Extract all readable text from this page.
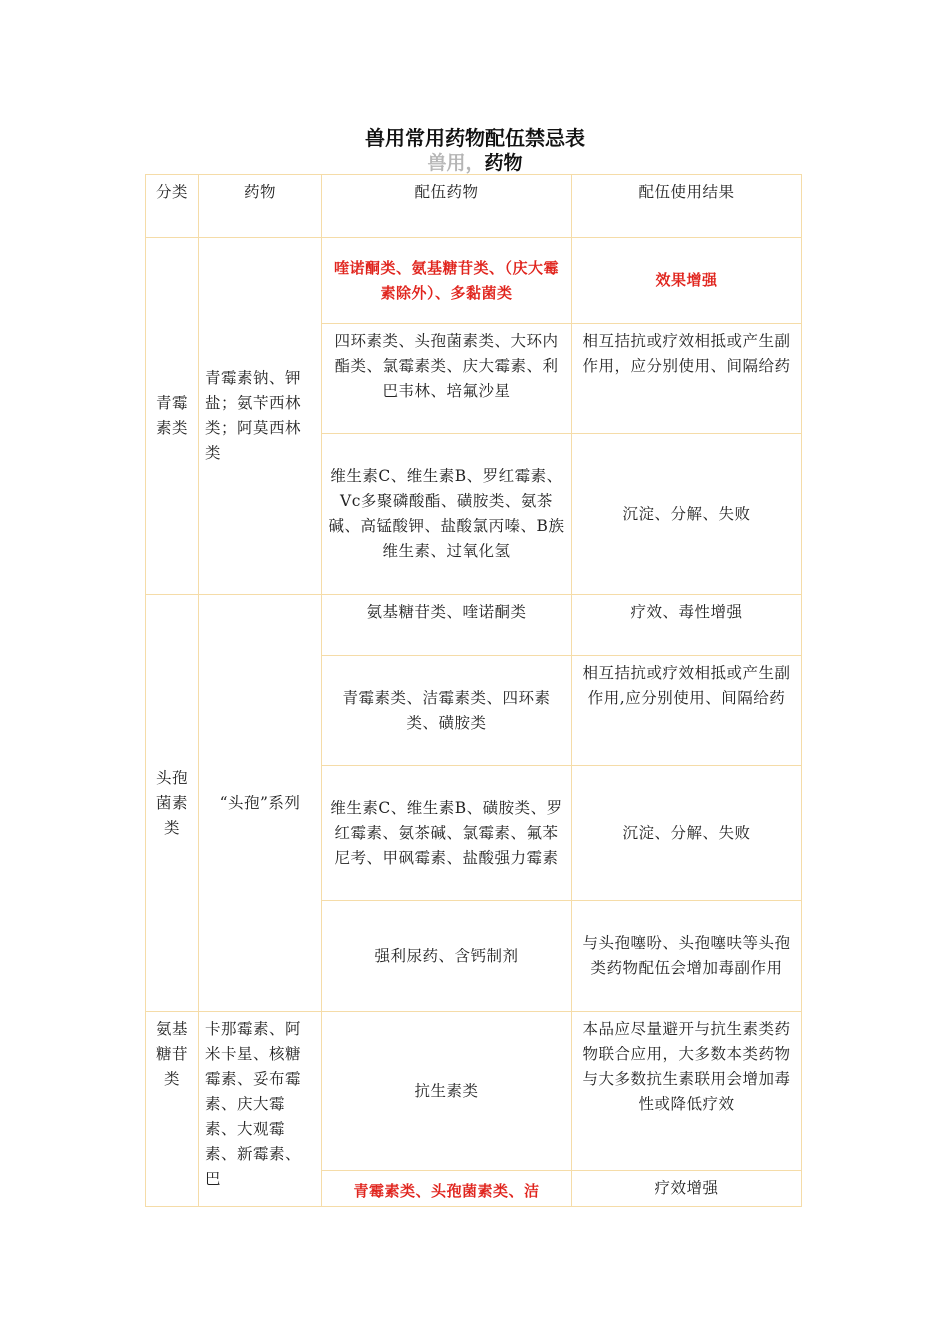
兽用常用药物配伍禁忌表
兽用，药物
分类	药物	配伍药物	配伍使用结果
青霉素类	青霉素钠、钾盐；氨苄西林类；阿莫西林类	喹诺酮类、氨基糖苷类、（庆大霉素除外）、多黏菌类	效果增强
		四环素类、头孢菌素类、大环内酯类、氯霉素类、庆大霉素、利巴韦林、培氟沙星	相互拮抗或疗效相抵或产生副作用，应分别使用、间隔给药
		维生素C、维生素B、罗红霉素、Vc多聚磷酸酯、磺胺类、氨茶碱、高锰酸钾、盐酸氯丙嗪、B族维生素、过氧化氢	沉淀、分解、失败
头孢菌素类	“头孢”系列	氨基糖苷类、喹诺酮类	疗效、毒性增强
		青霉素类、洁霉素类、四环素类、磺胺类	相互拮抗或疗效相抵或产生副作用,应分别使用、间隔给药
		维生素C、维生素B、磺胺类、罗红霉素、氨茶碱、氯霉素、氟苯尼考、甲砜霉素、盐酸强力霉素	沉淀、分解、失败
		强利尿药、含钙制剂	与头孢噻吩、头孢噻呋等头孢类药物配伍会增加毒副作用
氨基糖苷类	卡那霉素、阿米卡星、核糖霉素、妥布霉素、庆大霉素、大观霉素、新霉素、巴	抗生素类	本品应尽量避开与抗生素类药物联合应用，大多数本类药物与大多数抗生素联用会增加毒性或降低疗效
		青霉素类、头孢菌素类、洁	疗效增强
